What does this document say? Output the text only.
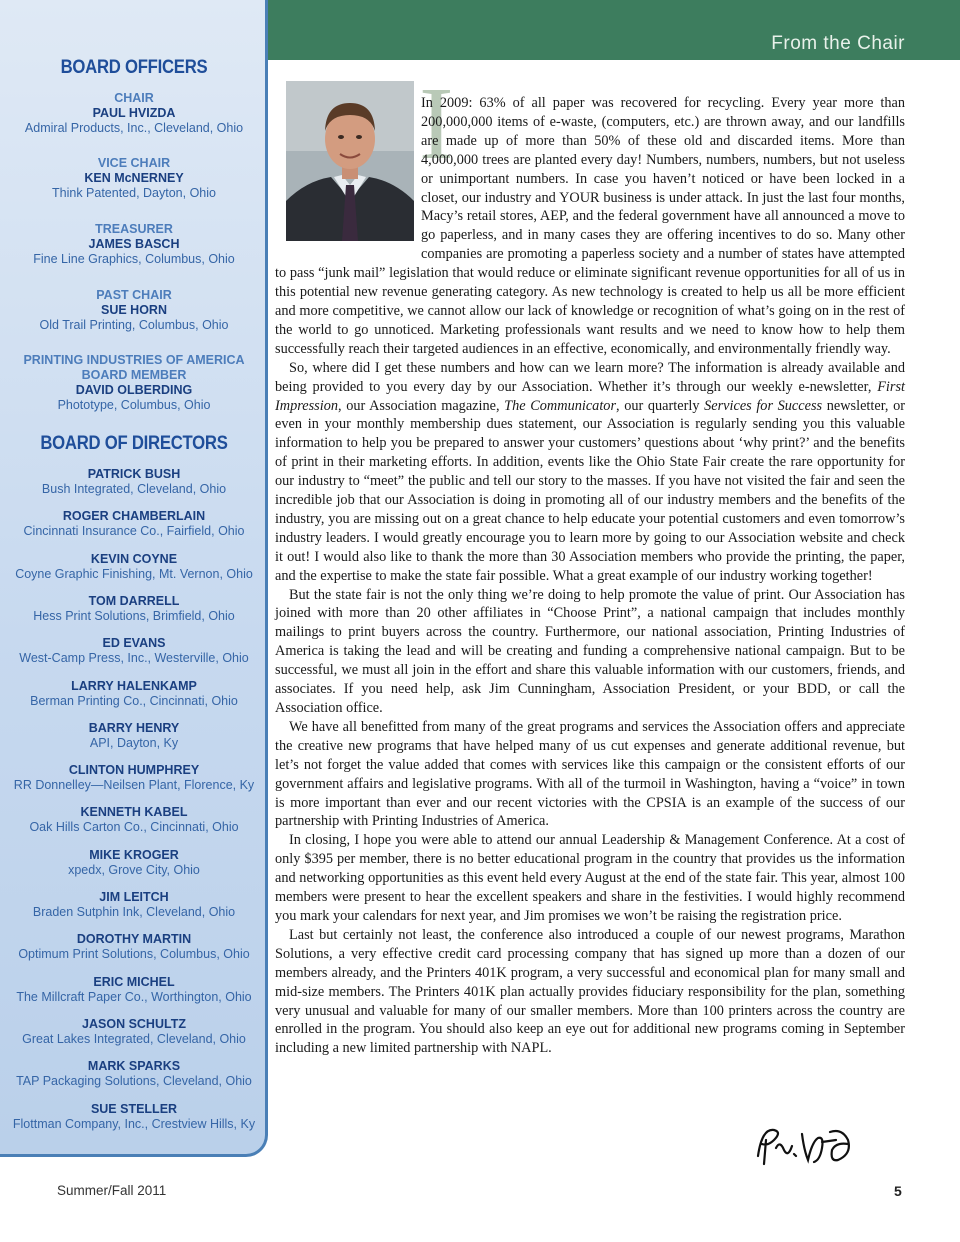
BOARD OFFICERS
CHAIR
PAUL HVIZDA
Admiral Products, Inc., Cleveland, Ohio
VICE CHAIR
KEN McNERNEY
Think Patented, Dayton, Ohio
TREASURER
JAMES BASCH
Fine Line Graphics, Columbus, Ohio
PAST CHAIR
SUE HORN
Old Trail Printing, Columbus, Ohio
PRINTING INDUSTRIES OF AMERICA
BOARD MEMBER
DAVID OLBERDING
Phototype, Columbus, Ohio
BOARD OF DIRECTORS
PATRICK BUSH
Bush Integrated, Cleveland, Ohio
ROGER CHAMBERLAIN
Cincinnati Insurance Co., Fairfield, Ohio
KEVIN COYNE
Coyne Graphic Finishing, Mt. Vernon, Ohio
TOM DARRELL
Hess Print Solutions, Brimfield, Ohio
ED EVANS
West-Camp Press, Inc., Westerville, Ohio
LARRY HALENKAMP
Berman Printing Co., Cincinnati, Ohio
BARRY HENRY
API, Dayton, Ky
CLINTON HUMPHREY
RR Donnelley—Neilsen Plant, Florence, Ky
KENNETH KABEL
Oak Hills Carton Co., Cincinnati, Ohio
MIKE KROGER
xpedx, Grove City, Ohio
JIM LEITCH
Braden Sutphin Ink, Cleveland, Ohio
DOROTHY MARTIN
Optimum Print Solutions, Columbus, Ohio
ERIC MICHEL
The Millcraft Paper Co., Worthington, Ohio
JASON SCHULTZ
Great Lakes Integrated, Cleveland, Ohio
MARK SPARKS
TAP Packaging Solutions, Cleveland, Ohio
SUE STELLER
Flottman Company, Inc., Crestview Hills, Ky
From the Chair
I

In 2009: 63% of all paper was recovered for recycling. Every year more than 200,000,000 items of e-waste, (computers, etc.) are thrown away, and our landfills are made up of more than 50% of these old and discarded items. More than 4,000,000 trees are planted every day! Numbers, numbers, numbers, but not useless or unimportant numbers. In case you haven’t noticed or have been locked in a closet, our industry and YOUR business is under attack. In just the last four months, Macy’s retail stores, AEP, and the federal government have all announced a move to go paperless, and in many cases they are offering incentives to do so. Many other companies are promoting a paperless society and a number of states have attempted to pass “junk mail” legislation that would reduce or eliminate significant revenue opportunities for all of us in this potential new revenue generating category. As new technology is created to help us all be more efficient and more competitive, we cannot allow our lack of knowledge or recognition of what’s going on in the rest of the world to go unnoticed. Marketing professionals want results and we need to know how to help them successfully reach their targeted audiences in an effective, economically, and environmentally friendly way.

So, where did I get these numbers and how can we learn more? The information is already available and being provided to you every day by our Association. Whether it’s through our weekly e-newsletter, First Impression, our Association magazine, The Communicator, our quarterly Services for Success newsletter, or even in your monthly membership dues statement, our Association is regularly sending you this valuable information to help you be prepared to answer your customers’ questions about ‘why print?’ and the benefits of print in their marketing efforts. In addition, events like the Ohio State Fair create the rare opportunity for our industry to “meet” the public and tell our story to the masses. If you have not visited the fair and seen the incredible job that our Association is doing in promoting all of our industry members and the benefits of the industry, you are missing out on a great chance to help educate your potential customers and even tomorrow’s industry leaders. I would greatly encourage you to learn more by going to our Association website and check it out! I would also like to thank the more than 30 Association members who provide the printing, the paper, and the expertise to make the state fair possible. What a great example of our industry working together!

But the state fair is not the only thing we’re doing to help promote the value of print. Our Association has joined with more than 20 other affiliates in “Choose Print”, a national campaign that includes monthly mailings to print buyers across the country. Furthermore, our national association, Printing Industries of America is taking the lead and will be creating and funding a comprehensive national campaign. But to be successful, we must all join in the effort and share this valuable information with our customers, friends, and associates. If you need help, ask Jim Cunningham, Association President, or your BDD, or call the Association office.

We have all benefitted from many of the great programs and services the Association offers and appreciate the creative new programs that have helped many of us cut expenses and generate additional revenue, but let’s not forget the value added that comes with services like this campaign or the consistent efforts of our government affairs and legislative programs. With all of the turmoil in Washington, having a “voice” in town is more important than ever and our recent victories with the CPSIA is an example of the success of our partnership with Printing Industries of America.

In closing, I hope you were able to attend our annual Leadership & Management Conference. At a cost of only $395 per member, there is no better educational program in the country that provides us the information and networking opportunities as this event held every August at the end of the state fair. This year, almost 100 members were present to hear the excellent speakers and share in the festivities. I would highly recommend you mark your calendars for next year, and Jim promises we won’t be raising the registration price.

Last but certainly not least, the conference also introduced a couple of our newest programs, Marathon Solutions, a very effective credit card processing company that has signed up more than a dozen of our members already, and the Printers 401K program, a very successful and economical plan for many small and mid-size members. The Printers 401K plan actually provides fiduciary responsibility for the plan, something very unusual and valuable for many of our smaller members. More than 100 printers across the country are enrolled in the program. You should also keep an eye out for additional new programs coming in September including a new limited partnership with NAPL.

Summer/Fall 2011	5
